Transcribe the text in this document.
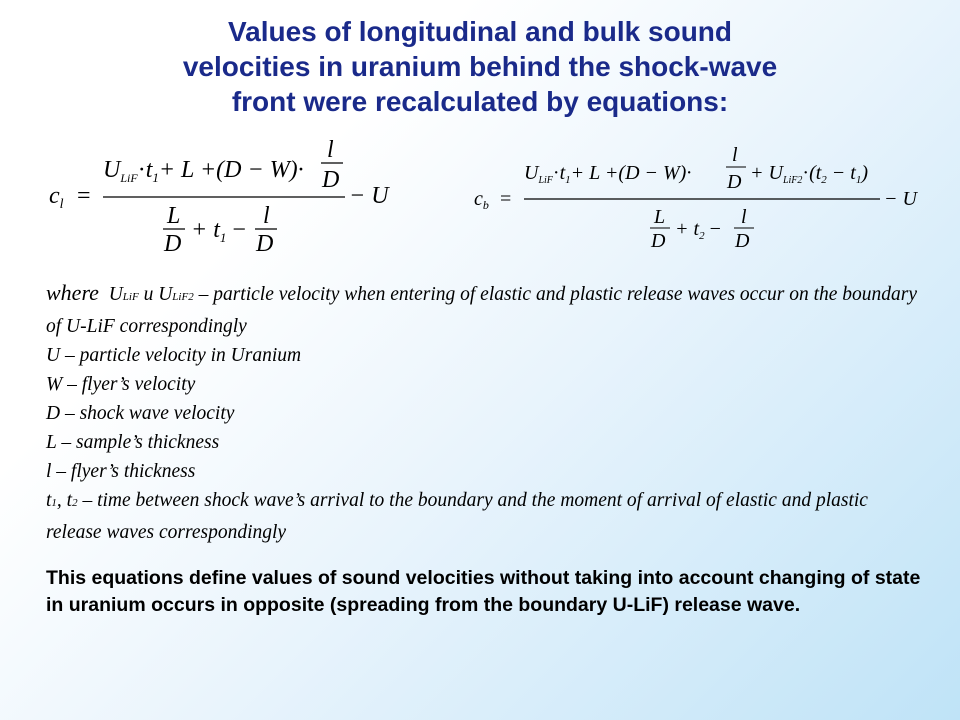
Values of longitudinal and bulk sound
velocities in uranium behind the shock-wave
front were recalculated by equations:
$c_l$ =
$U_{LiF}\cdot t_1+ L +(D - W)\cdot$
l
D
L
D
+ $t_1$ −
l
D
− U	$c_b$ =
$U_{LiF}\cdot t_1+ L +(D - W)\cdot$
l
$D + U_{LiF2}\cdot(t_2 - t_1)$
L
D
+ $t_2$ −
l
D
− U

where ULiF u ULiF2 – particle velocity when entering of elastic and plastic release waves occur on the boundary of U-LiF correspondingly

U – particle velocity in Uranium

W – flyer’s velocity

D – shock wave velocity

L – sample’s thickness

l – flyer’s thickness

t1, t2 – time between shock wave’s arrival to the boundary and the moment of arrival of elastic and plastic release waves correspondingly

This equations define values of sound velocities without taking into account changing of state in uranium occurs in opposite (spreading from the boundary U-LiF) release wave.
